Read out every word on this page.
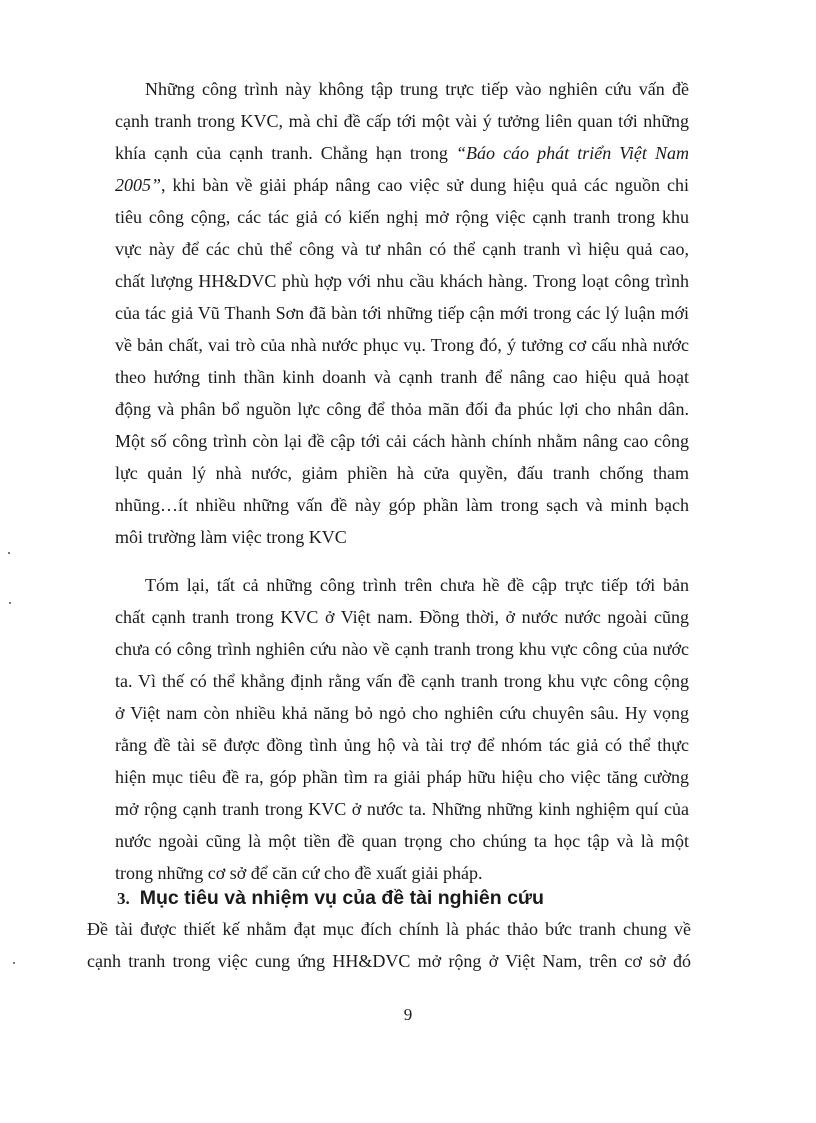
Những công trình này không tập trung trực tiếp vào nghiên cứu vấn đề
cạnh tranh trong KVC, mà chỉ đề cấp tới một vài ý tưởng liên quan tới những
khía cạnh của cạnh tranh. Chẳng hạn trong “Báo cáo phát triển Việt Nam
2005”, khi bàn về giải pháp nâng cao việc sử dung hiệu quả các nguồn chi
tiêu công cộng, các tác giả có kiến nghị mở rộng việc cạnh tranh trong khu
vực này để các chủ thể công và tư nhân có thể cạnh tranh vì hiệu quả cao,
chất lượng HH&DVC phù hợp với nhu cầu khách hàng. Trong loạt công trình
của tác giả Vũ Thanh Sơn đã bàn tới những tiếp cận mới trong các lý luận mới
về bản chất, vai trò của nhà nước phục vụ. Trong đó, ý tưởng cơ cấu nhà nước
theo hướng tinh thần kinh doanh và cạnh tranh để nâng cao hiệu quả hoạt
động và phân bổ nguồn lực công để thỏa mãn đối đa phúc lợi cho nhân dân.
Một số công trình còn lại đề cập tới cải cách hành chính nhằm nâng cao công
lực quản lý nhà nước, giảm phiền hà cửa quyền, đấu tranh chống tham
nhũng…ít nhiều những vấn đề này góp phần làm trong sạch và minh bạch
môi trường làm việc trong KVC
Tóm lại, tất cả những công trình trên chưa hề đề cập trực tiếp tới bản
chất cạnh tranh trong KVC ở Việt nam. Đồng thời, ở nước nước ngoài cũng
chưa có công trình nghiên cứu nào về cạnh tranh trong khu vực công của nước
ta. Vì thế có thể khẳng định rằng vấn đề cạnh tranh trong khu vực công cộng
ở Việt nam còn nhiều khả năng bỏ ngỏ cho nghiên cứu chuyên sâu. Hy vọng
rằng đề tài sẽ được đồng tình ủng hộ và tài trợ để nhóm tác giả có thể thực
hiện mục tiêu đề ra, góp phần tìm ra giải pháp hữu hiệu cho việc tăng cường
mở rộng cạnh tranh trong KVC ở nước ta. Những những kinh nghiệm quí của
nước ngoài cũng là một tiền đề quan trọng cho chúng ta học tập và là một
trong những cơ sở để căn cứ cho đề xuất giải pháp.
3. Mục tiêu và nhiệm vụ của đề tài nghiên cứu
Đề tài được thiết kế nhằm đạt mục đích chính là phác thảo bức tranh chung về
cạnh tranh trong việc cung ứng HH&DVC mở rộng ở Việt Nam, trên cơ sở đó
9
